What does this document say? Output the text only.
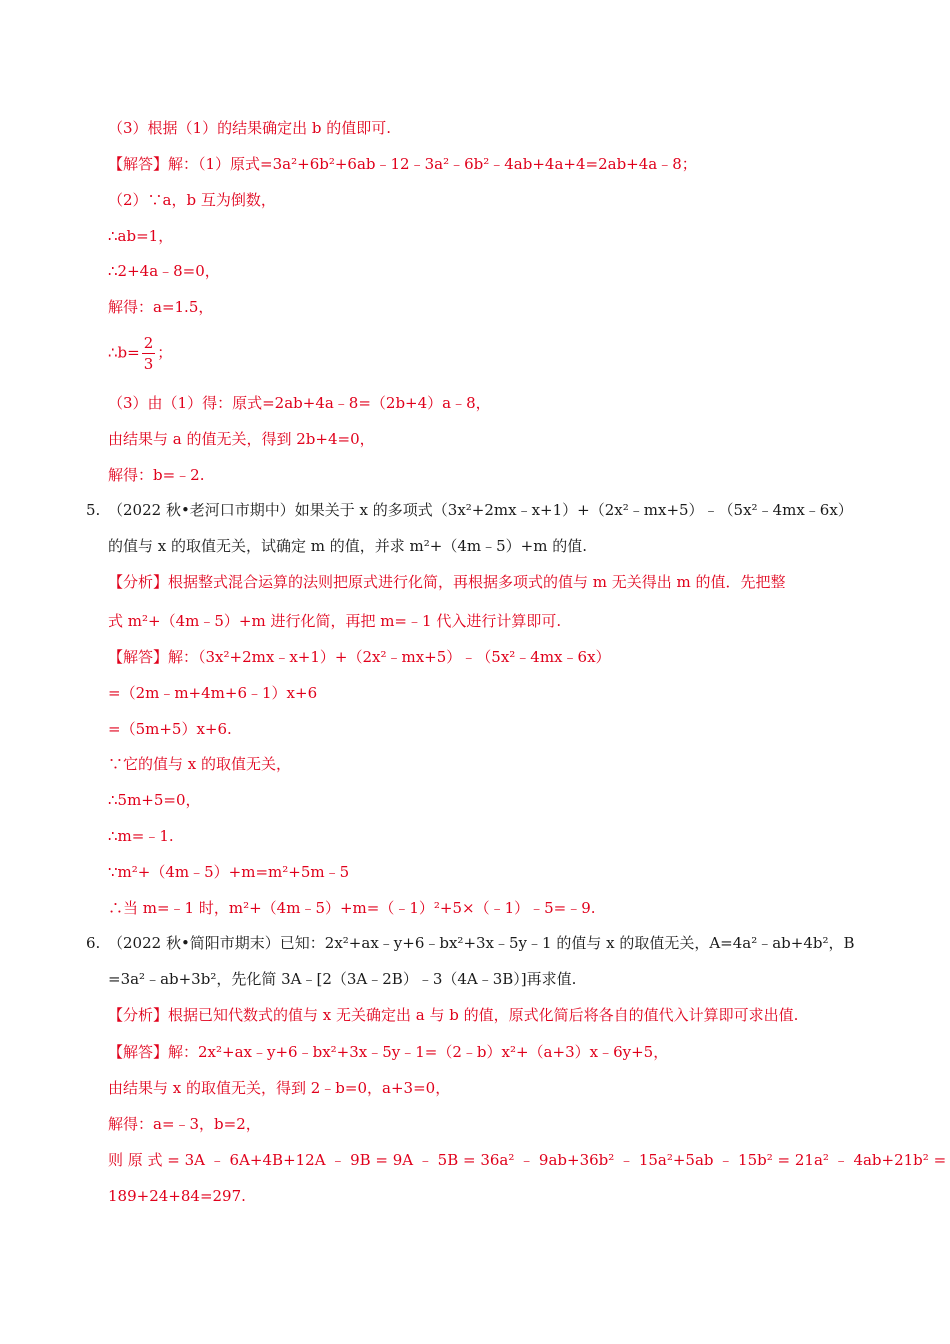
（3）根据（1）的结果确定出 b 的值即可.
【解答】解：（1）原式=3a²+6b²+6ab﹣12﹣3a²﹣6b²﹣4ab+4a+4=2ab+4a﹣8；
（2）∵a，b 互为倒数，
∴ab=1，
∴2+4a﹣8=0，
解得：a=1.5，
∴b= $\frac{2}{3}$ ；
（3）由（1）得：原式=2ab+4a﹣8=（2b+4）a﹣8，
由结果与 a 的值无关，得到 2b+4=0，
解得：b=﹣2.
5. （2022 秋•老河口市期中）如果关于 x 的多项式（3x²+2mx﹣x+1）+（2x²﹣mx+5）﹣（5x²﹣4mx﹣6x）
的值与 x 的取值无关，试确定 m 的值，并求 m²+（4m﹣5）+m 的值.
【分析】根据整式混合运算的法则把原式进行化简，再根据多项式的值与 m 无关得出 m 的值．先把整
式 m²+（4m﹣5）+m 进行化简，再把 m=﹣1 代入进行计算即可.
【解答】解：（3x²+2mx﹣x+1）+（2x²﹣mx+5）﹣（5x²﹣4mx﹣6x）
=（2m﹣m+4m+6﹣1）x+6
=（5m+5）x+6.
∵它的值与 x 的取值无关，
∴5m+5=0，
∴m=﹣1.
∵m²+（4m﹣5）+m=m²+5m﹣5
∴当 m=﹣1 时，m²+（4m﹣5）+m=（﹣1）²+5×（﹣1）﹣5=﹣9.
6. （2022 秋•简阳市期末）已知：2x²+ax﹣y+6﹣bx²+3x﹣5y﹣1 的值与 x 的取值无关，A=4a²﹣ab+4b²，B
=3a²﹣ab+3b²，先化简 3A﹣[2（3A﹣2B）﹣3（4A﹣3B）]再求值.
【分析】根据已知代数式的值与 x 无关确定出 a 与 b 的值，原式化简后将各自的值代入计算即可求出值.
【解答】解：2x²+ax﹣y+6﹣bx²+3x﹣5y﹣1=（2﹣b）x²+（a+3）x﹣6y+5，
由结果与 x 的取值无关，得到 2﹣b=0，a+3=0，
解得：a=﹣3，b=2，
则 原 式 = 3A ﹣ 6A+4B+12A ﹣ 9B = 9A ﹣ 5B = 36a² ﹣ 9ab+36b² ﹣ 15a²+5ab ﹣ 15b² = 21a² ﹣ 4ab+21b² =
189+24+84=297.
